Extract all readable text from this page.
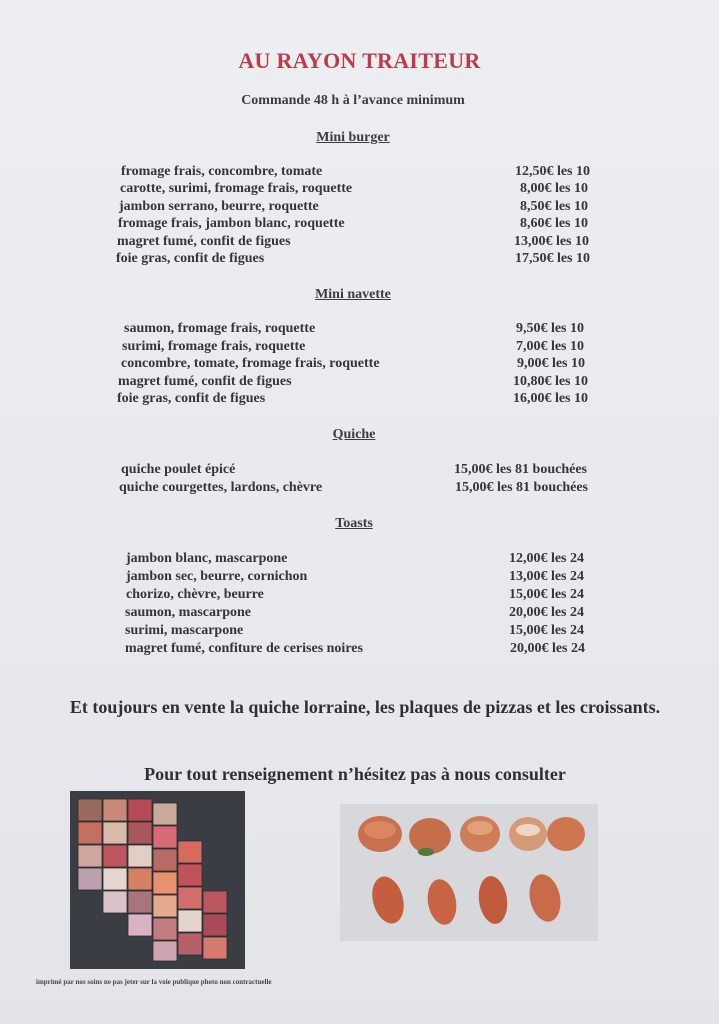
AU RAYON TRAITEUR
Commande 48 h à l’avance minimum
Mini burger
fromage frais, concombre, tomate	12,50€ les 10
carotte, surimi, fromage frais, roquette	8,00€ les 10
jambon serrano, beurre, roquette	8,50€ les 10
fromage frais, jambon blanc, roquette	8,60€ les 10
magret fumé, confit de figues	13,00€ les 10
foie gras, confit de figues	17,50€ les 10
Mini navette
saumon, fromage frais, roquette	9,50€ les 10
surimi, fromage frais, roquette	7,00€ les 10
concombre, tomate, fromage frais, roquette	9,00€ les 10
magret fumé, confit de figues	10,80€ les 10
foie gras, confit de figues	16,00€ les 10
Quiche
quiche poulet épicé	15,00€ les 81 bouchées
quiche courgettes, lardons, chèvre	15,00€ les 81 bouchées
Toasts
jambon blanc, mascarpone	12,00€ les 24
jambon sec, beurre, cornichon	13,00€ les 24
chorizo, chèvre, beurre	15,00€ les 24
saumon, mascarpone	20,00€ les 24
surimi, mascarpone	15,00€ les 24
magret fumé, confiture de cerises noires	20,00€ les 24
Et toujours en vente la quiche lorraine, les plaques de pizzas et les croissants.
Pour tout renseignement n’hésitez pas à nous consulter
imprimé par nos soins ne pas jeter sur la voie publique photo non contractuelle
